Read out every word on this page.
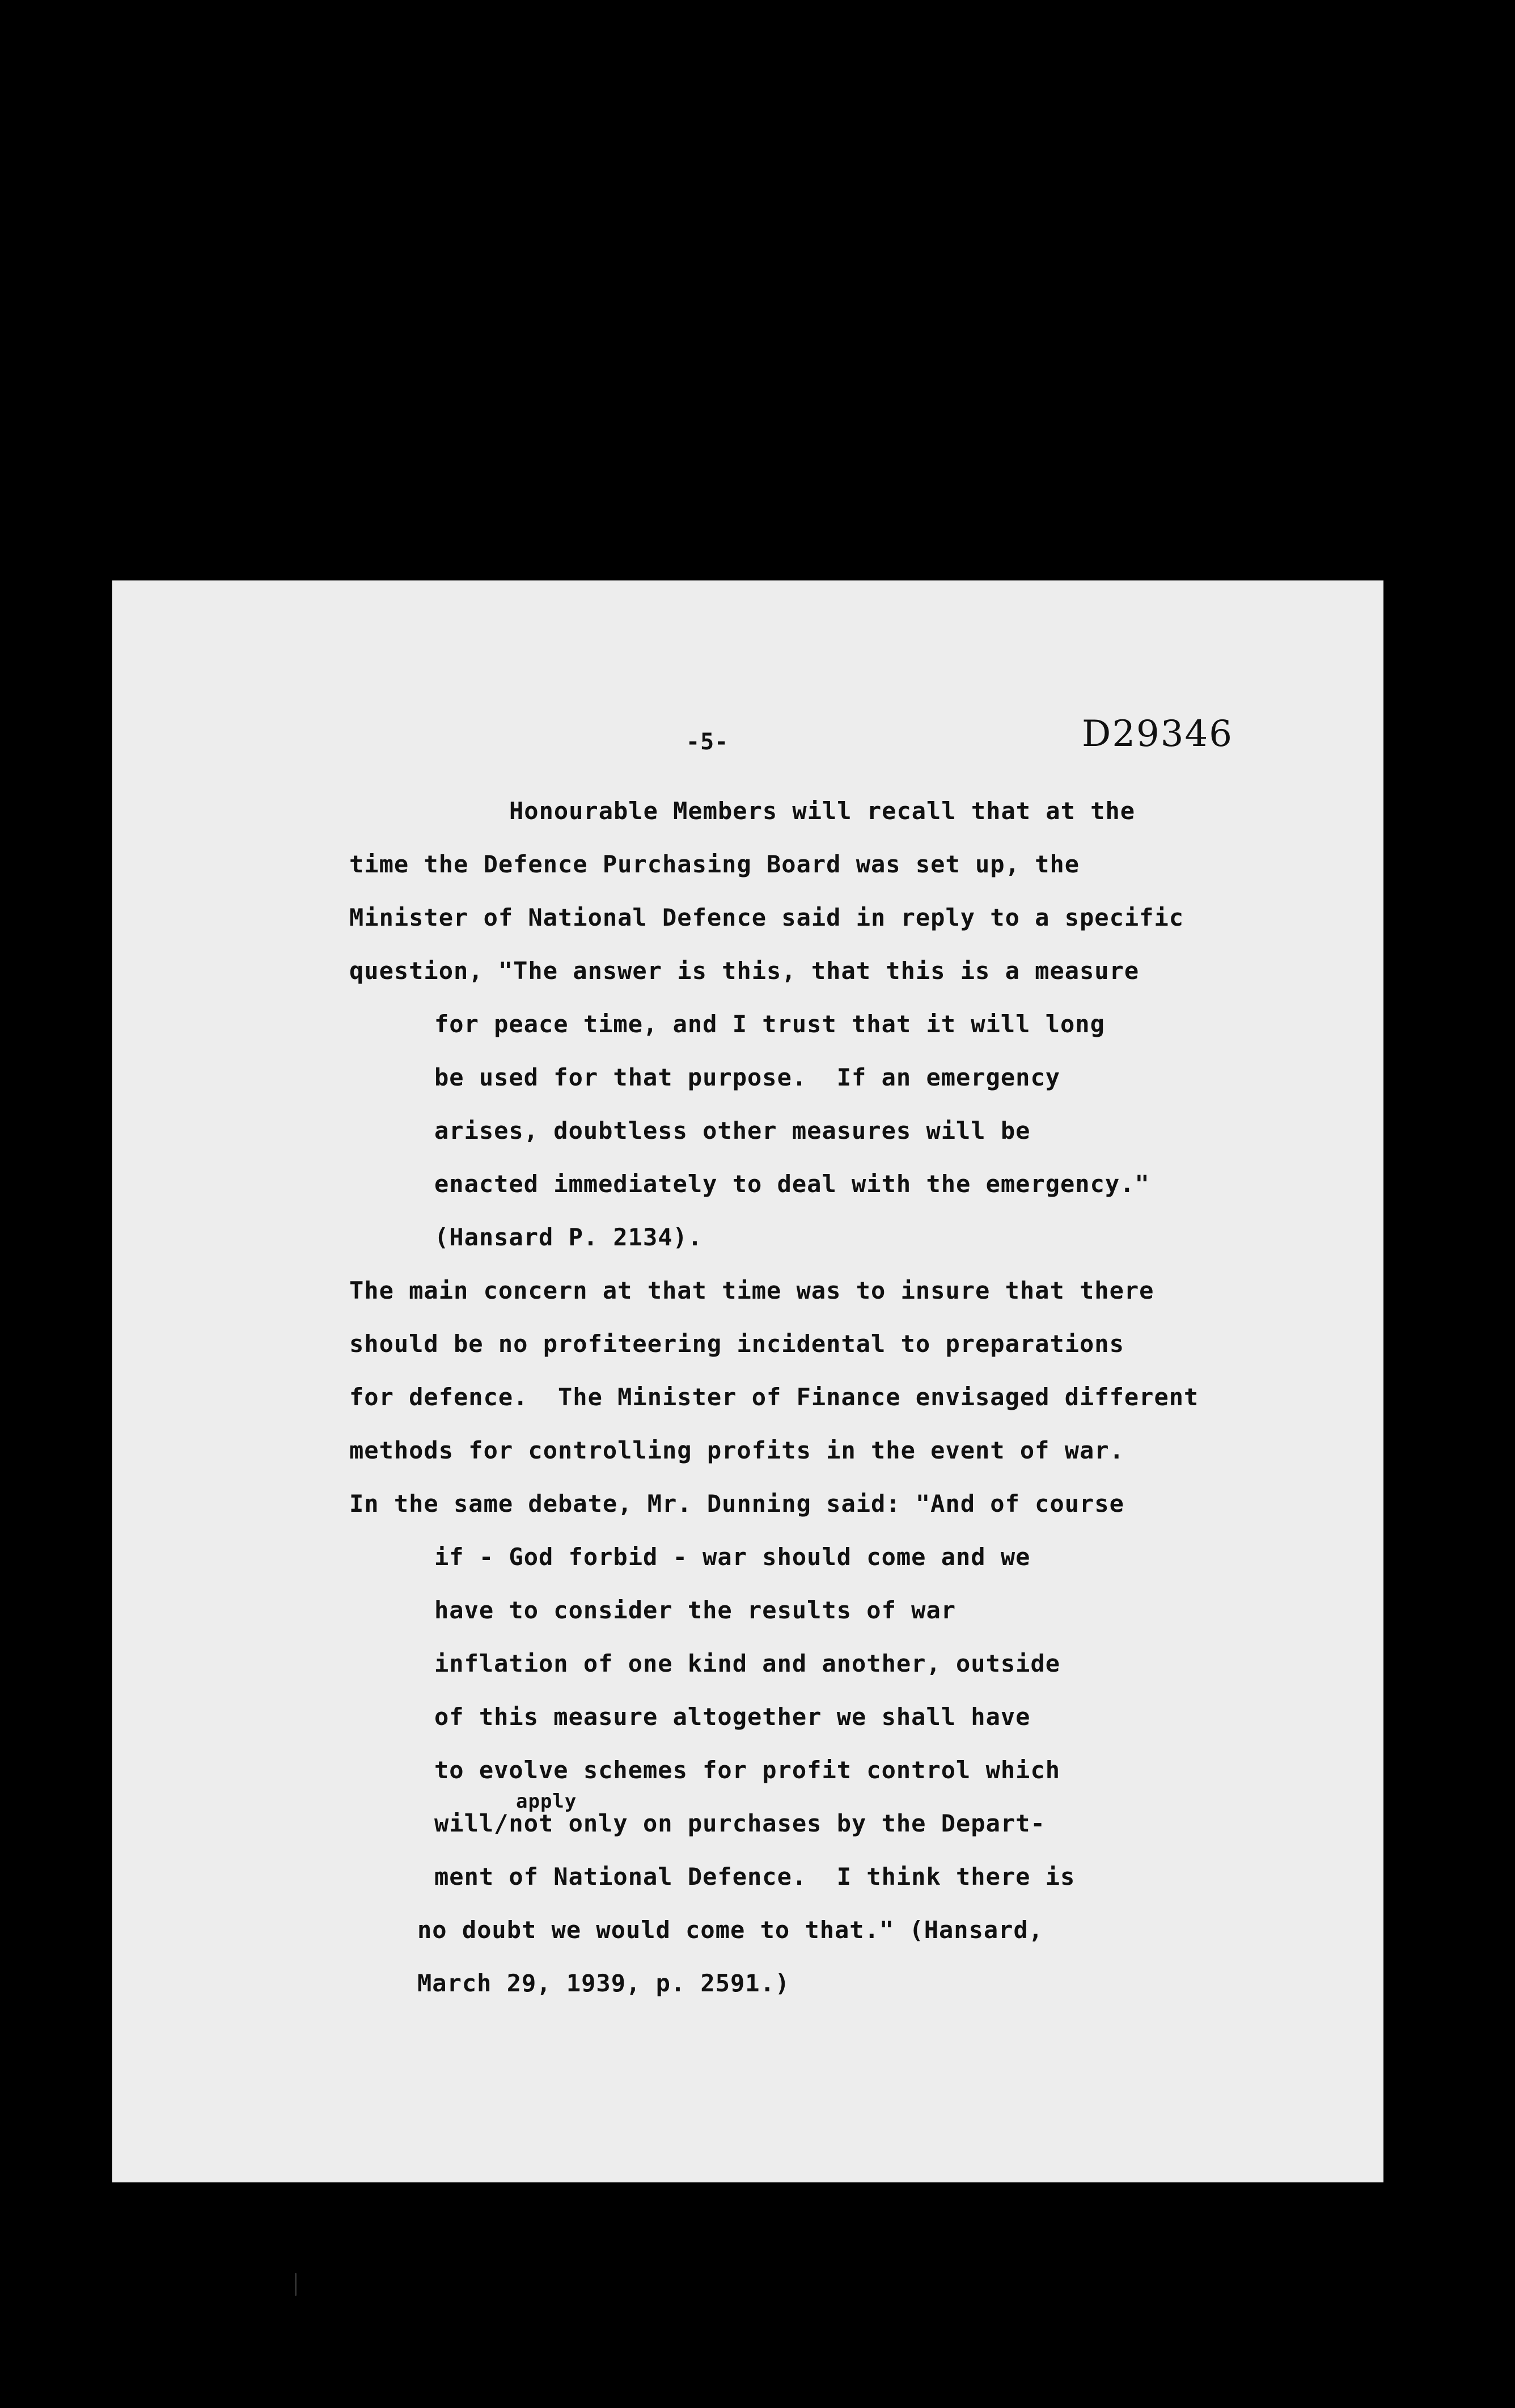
-5-	D29346
Honourable Members will recall that at the
time the Defence Purchasing Board was set up, the
Minister of National Defence said in reply to a specific
question, "The answer is this, that this is a measure
for peace time, and I trust that it will long
be used for that purpose.  If an emergency
arises, doubtless other measures will be
enacted immediately to deal with the emergency."
(Hansard P. 2134).
The main concern at that time was to insure that there
should be no profiteering incidental to preparations
for defence.  The Minister of Finance envisaged different
methods for controlling profits in the event of war.
In the same debate, Mr. Dunning said: "And of course
if - God forbid - war should come and we
have to consider the results of war
inflation of one kind and another, outside
of this measure altogether we shall have
to evolve schemes for profit control which
apply
will/not only on purchases by the Depart-
ment of National Defence.  I think there is
no doubt we would come to that." (Hansard,
March 29, 1939, p. 2591.)
